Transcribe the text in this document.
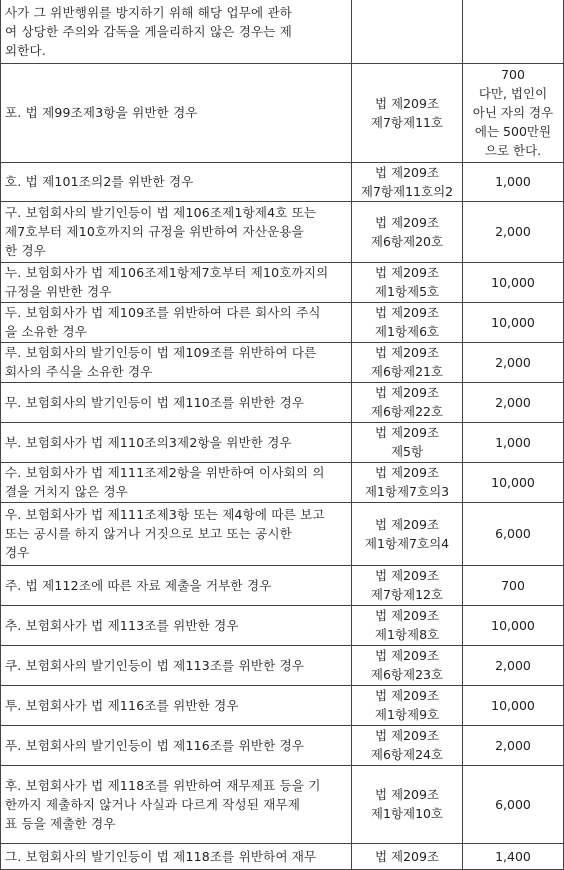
사가 그 위반행위를 방지하기 위해 해당 업무에 관하
여 상당한 주의와 감독을 게을리하지 않은 경우는 제
외한다.		
포. 법 제99조제3항을 위반한 경우	법 제209조
제7항제11호	700
다만, 법인이
아닌 자의 경우
에는 500만원
으로 한다.
호. 법 제101조의2를 위반한 경우	법 제209조
제7항제11호의2	1,000
구. 보험회사의 발기인등이 법 제106조제1항제4호 또는
제7호부터 제10호까지의 규정을 위반하여 자산운용을
한 경우	법 제209조
제6항제20호	2,000
누. 보험회사가 법 제106조제1항제7호부터 제10호까지의
규정을 위반한 경우	법 제209조
제1항제5호	10,000
두. 보험회사가 법 제109조를 위반하여 다른 회사의 주식
을 소유한 경우	법 제209조
제1항제6호	10,000
루. 보험회사의 발기인등이 법 제109조를 위반하여 다른
회사의 주식을 소유한 경우	법 제209조
제6항제21호	2,000
무. 보험회사의 발기인등이 법 제110조를 위반한 경우	법 제209조
제6항제22호	2,000
부. 보험회사가 법 제110조의3제2항을 위반한 경우	법 제209조
제5항	1,000
수. 보험회사가 법 제111조제2항을 위반하여 이사회의 의
결을 거치지 않은 경우	법 제209조
제1항제7호의3	10,000
우. 보험회사가 법 제111조제3항 또는 제4항에 따른 보고
또는 공시를 하지 않거나 거짓으로 보고 또는 공시한
경우	법 제209조
제1항제7호의4	6,000
주. 법 제112조에 따른 자료 제출을 거부한 경우	법 제209조
제7항제12호	700
추. 보험회사가 법 제113조를 위반한 경우	법 제209조
제1항제8호	10,000
쿠. 보험회사의 발기인등이 법 제113조를 위반한 경우	법 제209조
제6항제23호	2,000
투. 보험회사가 법 제116조를 위반한 경우	법 제209조
제1항제9호	10,000
푸. 보험회사의 발기인등이 법 제116조를 위반한 경우	법 제209조
제6항제24호	2,000
후. 보험회사가 법 제118조를 위반하여 재무제표 등을 기
한까지 제출하지 않거나 사실과 다르게 작성된 재무제
표 등을 제출한 경우	법 제209조
제1항제10호	6,000
그. 보험회사의 발기인등이 법 제118조를 위반하여 재무	법 제209조	1,400
